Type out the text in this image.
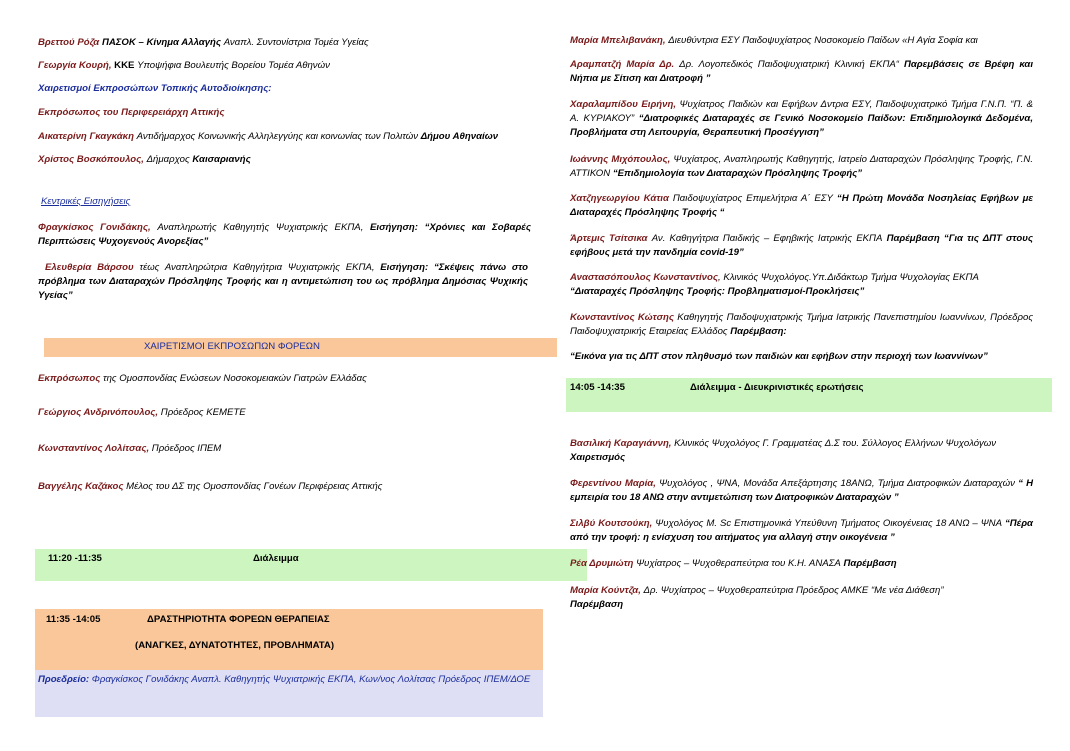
Βρεττού Ρόζα ΠΑΣΟΚ – Κίνημα Αλλαγής Αναπλ. Συντονίστρια Τομέα Υγείας
Γεωργία Κουρή, ΚΚΕ Υποψήφια Βουλευτής Βορείου Τομέα Αθηνών
Χαιρετισμοί Εκπροσώπων Τοπικής Αυτοδιοίκησης:
Εκπρόσωπος του Περιφερειάρχη Αττικής
Αικατερίνη Γκαγκάκη Αντιδήμαρχος Κοινωνικής Αλληλεγγύης και κοινωνίας των Πολιτών Δήμου Αθηναίων
Χρίστος Βοσκόπουλος, Δήμαρχος Καισαριανής
Κεντρικές Εισηγήσεις
Φραγκίσκος Γονιδάκης, Αναπληρωτής Καθηγητής Ψυχιατρικής ΕΚΠΑ, Εισήγηση: “Χρόνιες και Σοβαρές Περιπτώσεις Ψυχογενούς Ανορεξίας”
Ελευθερία Βάρσου τέως Αναπληρώτρια Καθηγήτρια Ψυχιατρικής ΕΚΠΑ, Εισήγηση: “Σκέψεις πάνω στο πρόβλημα των Διαταραχών Πρόσληψης Τροφής και η αντιμετώπιση του ως πρόβλημα Δημόσιας Ψυχικής Υγείας”
ΧΑΙΡΕΤΙΣΜΟΙ ΕΚΠΡΟΣΩΠΩΝ ΦΟΡΕΩΝ
Εκπρόσωπος της Ομοσπονδίας Ενώσεων Νοσοκομειακών Γιατρών Ελλάδας
Γεώργιος Ανδρινόπουλος, Πρόεδρος ΚΕΜΕΤΕ
Κωνσταντίνος Λολίτσας, Πρόεδρος ΙΠΕΜ
Βαγγέλης Καζάκος Μέλος του ΔΣ της Ομοσπονδίας Γονέων Περιφέρειας Αττικής
11:20 -11:35	Διάλειμμα
11:35 -14:05	ΔΡΑΣΤΗΡΙΟΤΗΤΑ ΦΟΡΕΩΝ ΘΕΡΑΠΕΙΑΣ
(ΑΝΑΓΚΕΣ, ΔΥΝΑΤΟΤΗΤΕΣ, ΠΡΟΒΛΗΜΑΤΑ)
Προεδρείο: Φραγκίσκος Γονιδάκης Αναπλ. Καθηγητής Ψυχιατρικής ΕΚΠΑ, Κων/νος Λολίτσας Πρόεδρος ΙΠΕΜ/ΔΟΕ
Μαρία Μπελιβανάκη, Διευθύντρια ΕΣΥ Παιδοψυχίατρος Νοσοκομείο Παίδων «Η Αγία Σοφία και
Αραμπατζή Μαρία Δρ. Δρ. Λογοπεδικός Παιδοψυχιατρική Κλινική ΕΚΠΑ“ Παρεμβάσεις σε Βρέφη και Νήπια με Σίτιση και Διατροφή ”
Χαραλαμπίδου Ειρήνη, Ψυχίατρος Παιδιών και Εφήβων Δντρια ΕΣΥ, Παιδοψυχιατρικό Τμήμα Γ.Ν.Π. “Π. & Α. ΚΥΡΙΑΚΟΥ” “Διατροφικές Διαταραχές σε Γενικό Νοσοκομείο Παίδων: Επιδημιολογικά Δεδομένα, Προβλήματα στη Λειτουργία, Θεραπευτική Προσέγγιση”
Ιωάννης Μιχόπουλος, Ψυχίατρος, Αναπληρωτής Καθηγητής, Ιατρείο Διαταραχών Πρόσληψης Τροφής, Γ.Ν. ΑΤΤΙΚΟΝ “Επιδημιολογία των Διαταραχών Πρόσληψης Τροφής”
Χατζηγεωργίου Κάτια Παιδοψυχίατρος Επιμελήτρια Α΄ ΕΣΥ “Η Πρώτη Μονάδα Νοσηλείας Εφήβων με Διαταραχές Πρόσληψης Τροφής “
Άρτεμις Τσίτσικα Αν. Καθηγήτρια Παιδικής – Εφηβικής Ιατρικής ΕΚΠΑ Παρέμβαση “Για τις ΔΠΤ στους εφήβους μετά την πανδημία covid-19”
Αναστασόπουλος Κωνσταντίνος, Κλινικός Ψυχολόγος.Υπ.Διδάκτωρ Τμήμα Ψυχολογίας ΕΚΠΑ
“Διαταραχές Πρόσληψης Τροφής: Προβληματισμοί-Προκλήσεις”
Κωνσταντίνος Κώτσης Καθηγητής Παιδοψυχιατρικής Τμήμα Ιατρικής Πανεπιστημίου Ιωαννίνων, Πρόεδρος Παιδοψυχιατρικής Εταιρείας Ελλάδος Παρέμβαση:
“Εικόνα για τις ΔΠΤ στον πληθυσμό των παιδιών και εφήβων στην περιοχή των Ιωαννίνων”
14:05 -14:35	Διάλειμμα - Διευκρινιστικές ερωτήσεις
Βασιλική Καραγιάννη, Κλινικός Ψυχολόγος Γ. Γραμματέας Δ.Σ του. Σύλλογος Ελλήνων Ψυχολόγων
Χαιρετισμός
Φερεντίνου Μαρία, Ψυχολόγος , ΨΝΑ, Μονάδα Απεξάρτησης 18ΑΝΩ, Τμήμα Διατροφικών Διαταραχών “ Η εμπειρία του 18 ΑΝΩ στην αντιμετώπιση των Διατροφικών Διαταραχών ”
Σιλβύ Κουτσούκη, Ψυχολόγος Μ. Sc Επιστημονικά Υπεύθυνη Τμήματος Οικογένειας 18 ΑΝΩ – ΨΝΑ “Πέρα από την τροφή: η ενίσχυση του αιτήματος για αλλαγή στην οικογένεια ”
Ρέα Δρυμιώτη Ψυχίατρος – Ψυχοθεραπεύτρια του Κ.Η. ΑΝΑΣΑ Παρέμβαση
Μαρία Κούντζα, Δρ. Ψυχίατρος – Ψυχοθεραπεύτρια Πρόεδρος ΑΜΚΕ “Με νέα Διάθεση”
Παρέμβαση
